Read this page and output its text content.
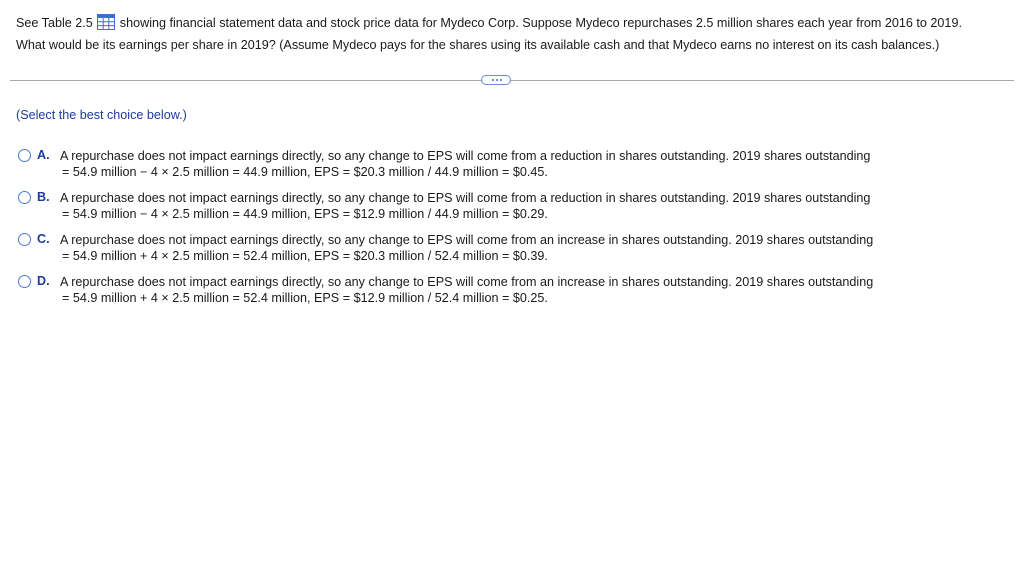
See Table 2.5 showing financial statement data and stock price data for Mydeco Corp. Suppose Mydeco repurchases 2.5 million shares each year from 2016 to 2019.
What would be its earnings per share in 2019? (Assume Mydeco pays for the shares using its available cash and that Mydeco earns no interest on its cash balances.)
(Select the best choice below.)
A. A repurchase does not impact earnings directly, so any change to EPS will come from a reduction in shares outstanding. 2019 shares outstanding
= 54.9 million − 4 × 2.5 million = 44.9 million, EPS = $20.3 million / 44.9 million = $0.45.
B. A repurchase does not impact earnings directly, so any change to EPS will come from a reduction in shares outstanding. 2019 shares outstanding
= 54.9 million − 4 × 2.5 million = 44.9 million, EPS = $12.9 million / 44.9 million = $0.29.
C. A repurchase does not impact earnings directly, so any change to EPS will come from an increase in shares outstanding. 2019 shares outstanding
= 54.9 million + 4 × 2.5 million = 52.4 million, EPS = $20.3 million / 52.4 million = $0.39.
D. A repurchase does not impact earnings directly, so any change to EPS will come from an increase in shares outstanding. 2019 shares outstanding
= 54.9 million + 4 × 2.5 million = 52.4 million, EPS = $12.9 million / 52.4 million = $0.25.
